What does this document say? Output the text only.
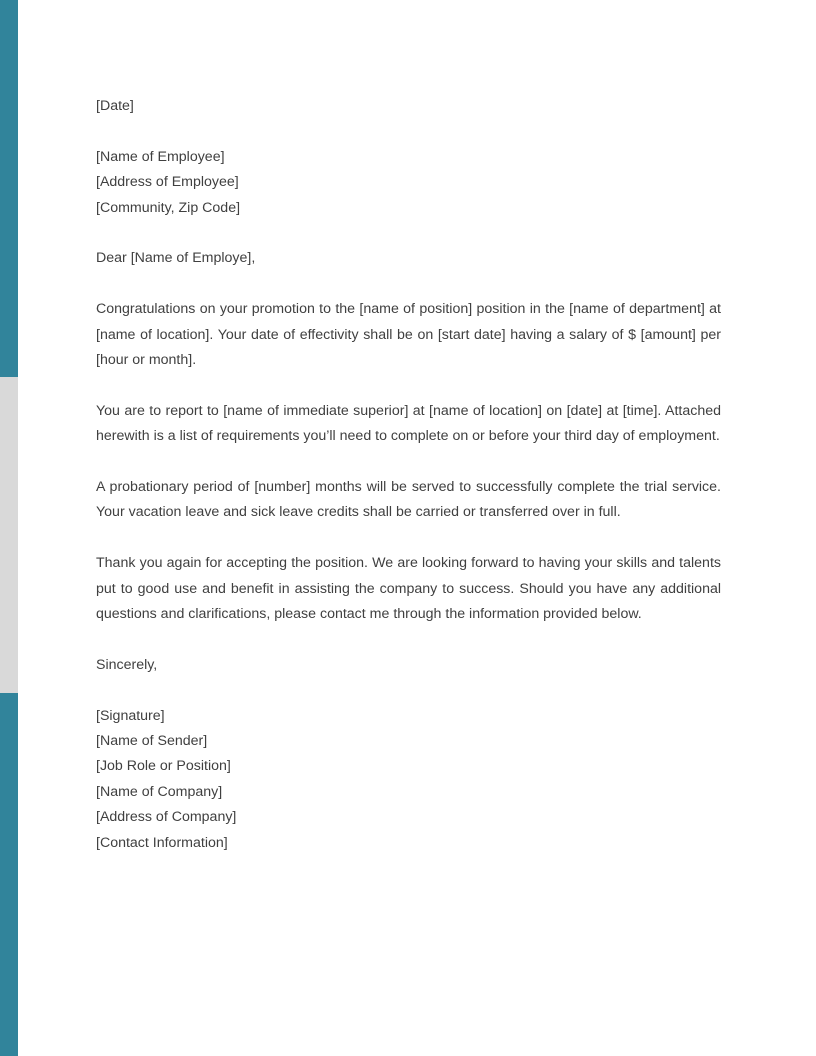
[Date]

[Name of Employee]

[Address of Employee]

[Community, Zip Code]

Dear [Name of Employe],

Congratulations on your promotion to the [name of position] position in the [name of department] at [name of location]. Your date of effectivity shall be on [start date] having a salary of $ [amount] per [hour or month].

You are to report to [name of immediate superior] at [name of location] on [date] at [time]. Attached herewith is a list of requirements you’ll need to complete on or before your third day of employment.

A probationary period of [number] months will be served to successfully complete the trial service. Your vacation leave and sick leave credits shall be carried or transferred over in full.

Thank you again for accepting the position. We are looking forward to having your skills and talents put to good use and benefit in assisting the company to success. Should you have any additional questions and clarifications, please contact me through the information provided below.

Sincerely,

[Signature]

[Name of Sender]

[Job Role or Position]

[Name of Company]

[Address of Company]

[Contact Information]
